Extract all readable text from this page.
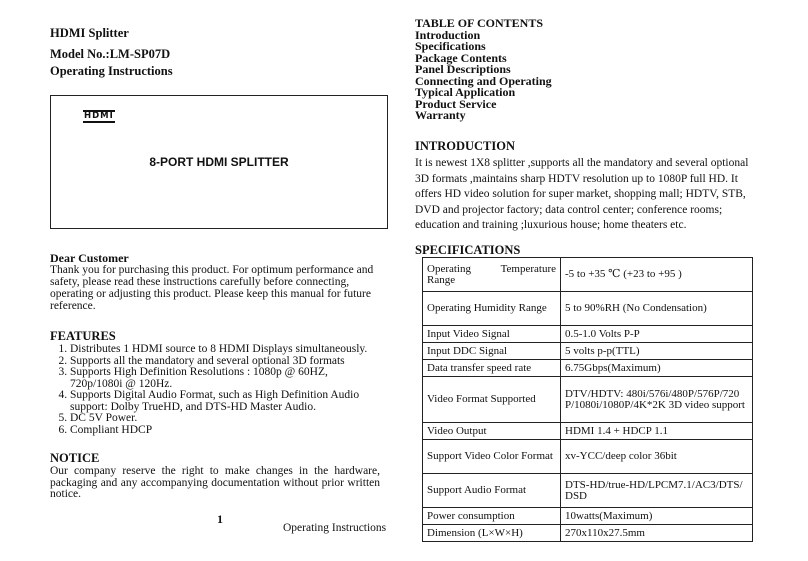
HDMI Splitter
Model No.:LM-SP07D
Operating Instructions
HDMI
8-PORT HDMI SPLITTER

Dear Customer

Thank you for purchasing this product. For optimum performance and safety, please read these instructions carefully before connecting, operating or adjusting this product. Please keep this manual for future reference.

FEATURES
1. Distributes 1 HDMI source to 8 HDMI Displays simultaneously.
2. Supports all the mandatory and several optional 3D formats
3. Supports High Definition Resolutions : 1080p @ 60HZ, 720p/1080i @ 120Hz.
4. Supports Digital Audio Format, such as High Definition Audio support: Dolby TrueHD, and DTS-HD Master Audio.
5. DC 5V Power.
6. Compliant HDCP
NOTICE

Our company reserve the right to make changes in the hardware, packaging and any accompanying documentation without prior written notice.

1
Operating Instructions
TABLE OF CONTENTS
Introduction
Specifications
Package Contents
Panel Descriptions
Connecting and Operating
Typical Application
Product Service
Warranty
INTRODUCTION

It is newest 1X8 splitter ,supports all the mandatory and several optional 3D formats ,maintains sharp HDTV resolution up to 1080P full HD. It offers HD video solution for super market, shopping mall; HDTV, STB, DVD and projector factory; data control center; conference rooms; education and training ;luxurious house; home theaters etc.

SPECIFICATIONS
Operating Temperature Range	-5 to +35 ℃ (+23 to +95 )
Operating Humidity Range	5 to 90%RH (No Condensation)
Input Video Signal	0.5-1.0 Volts P-P
Input DDC Signal	5 volts p-p(TTL)
Data transfer speed rate	6.75Gbps(Maximum)
Video Format Supported	DTV/HDTV: 480i/576i/480P/576P/720P/1080i/1080P/4K*2K 3D video support
Video Output	HDMI 1.4 + HDCP 1.1
Support Video Color Format	xv-YCC/deep color 36bit
Support Audio Format	DTS-HD/true-HD/LPCM7.1/AC3/DTS/DSD
Power consumption	10watts(Maximum)
Dimension (L×W×H)	270x110x27.5mm
